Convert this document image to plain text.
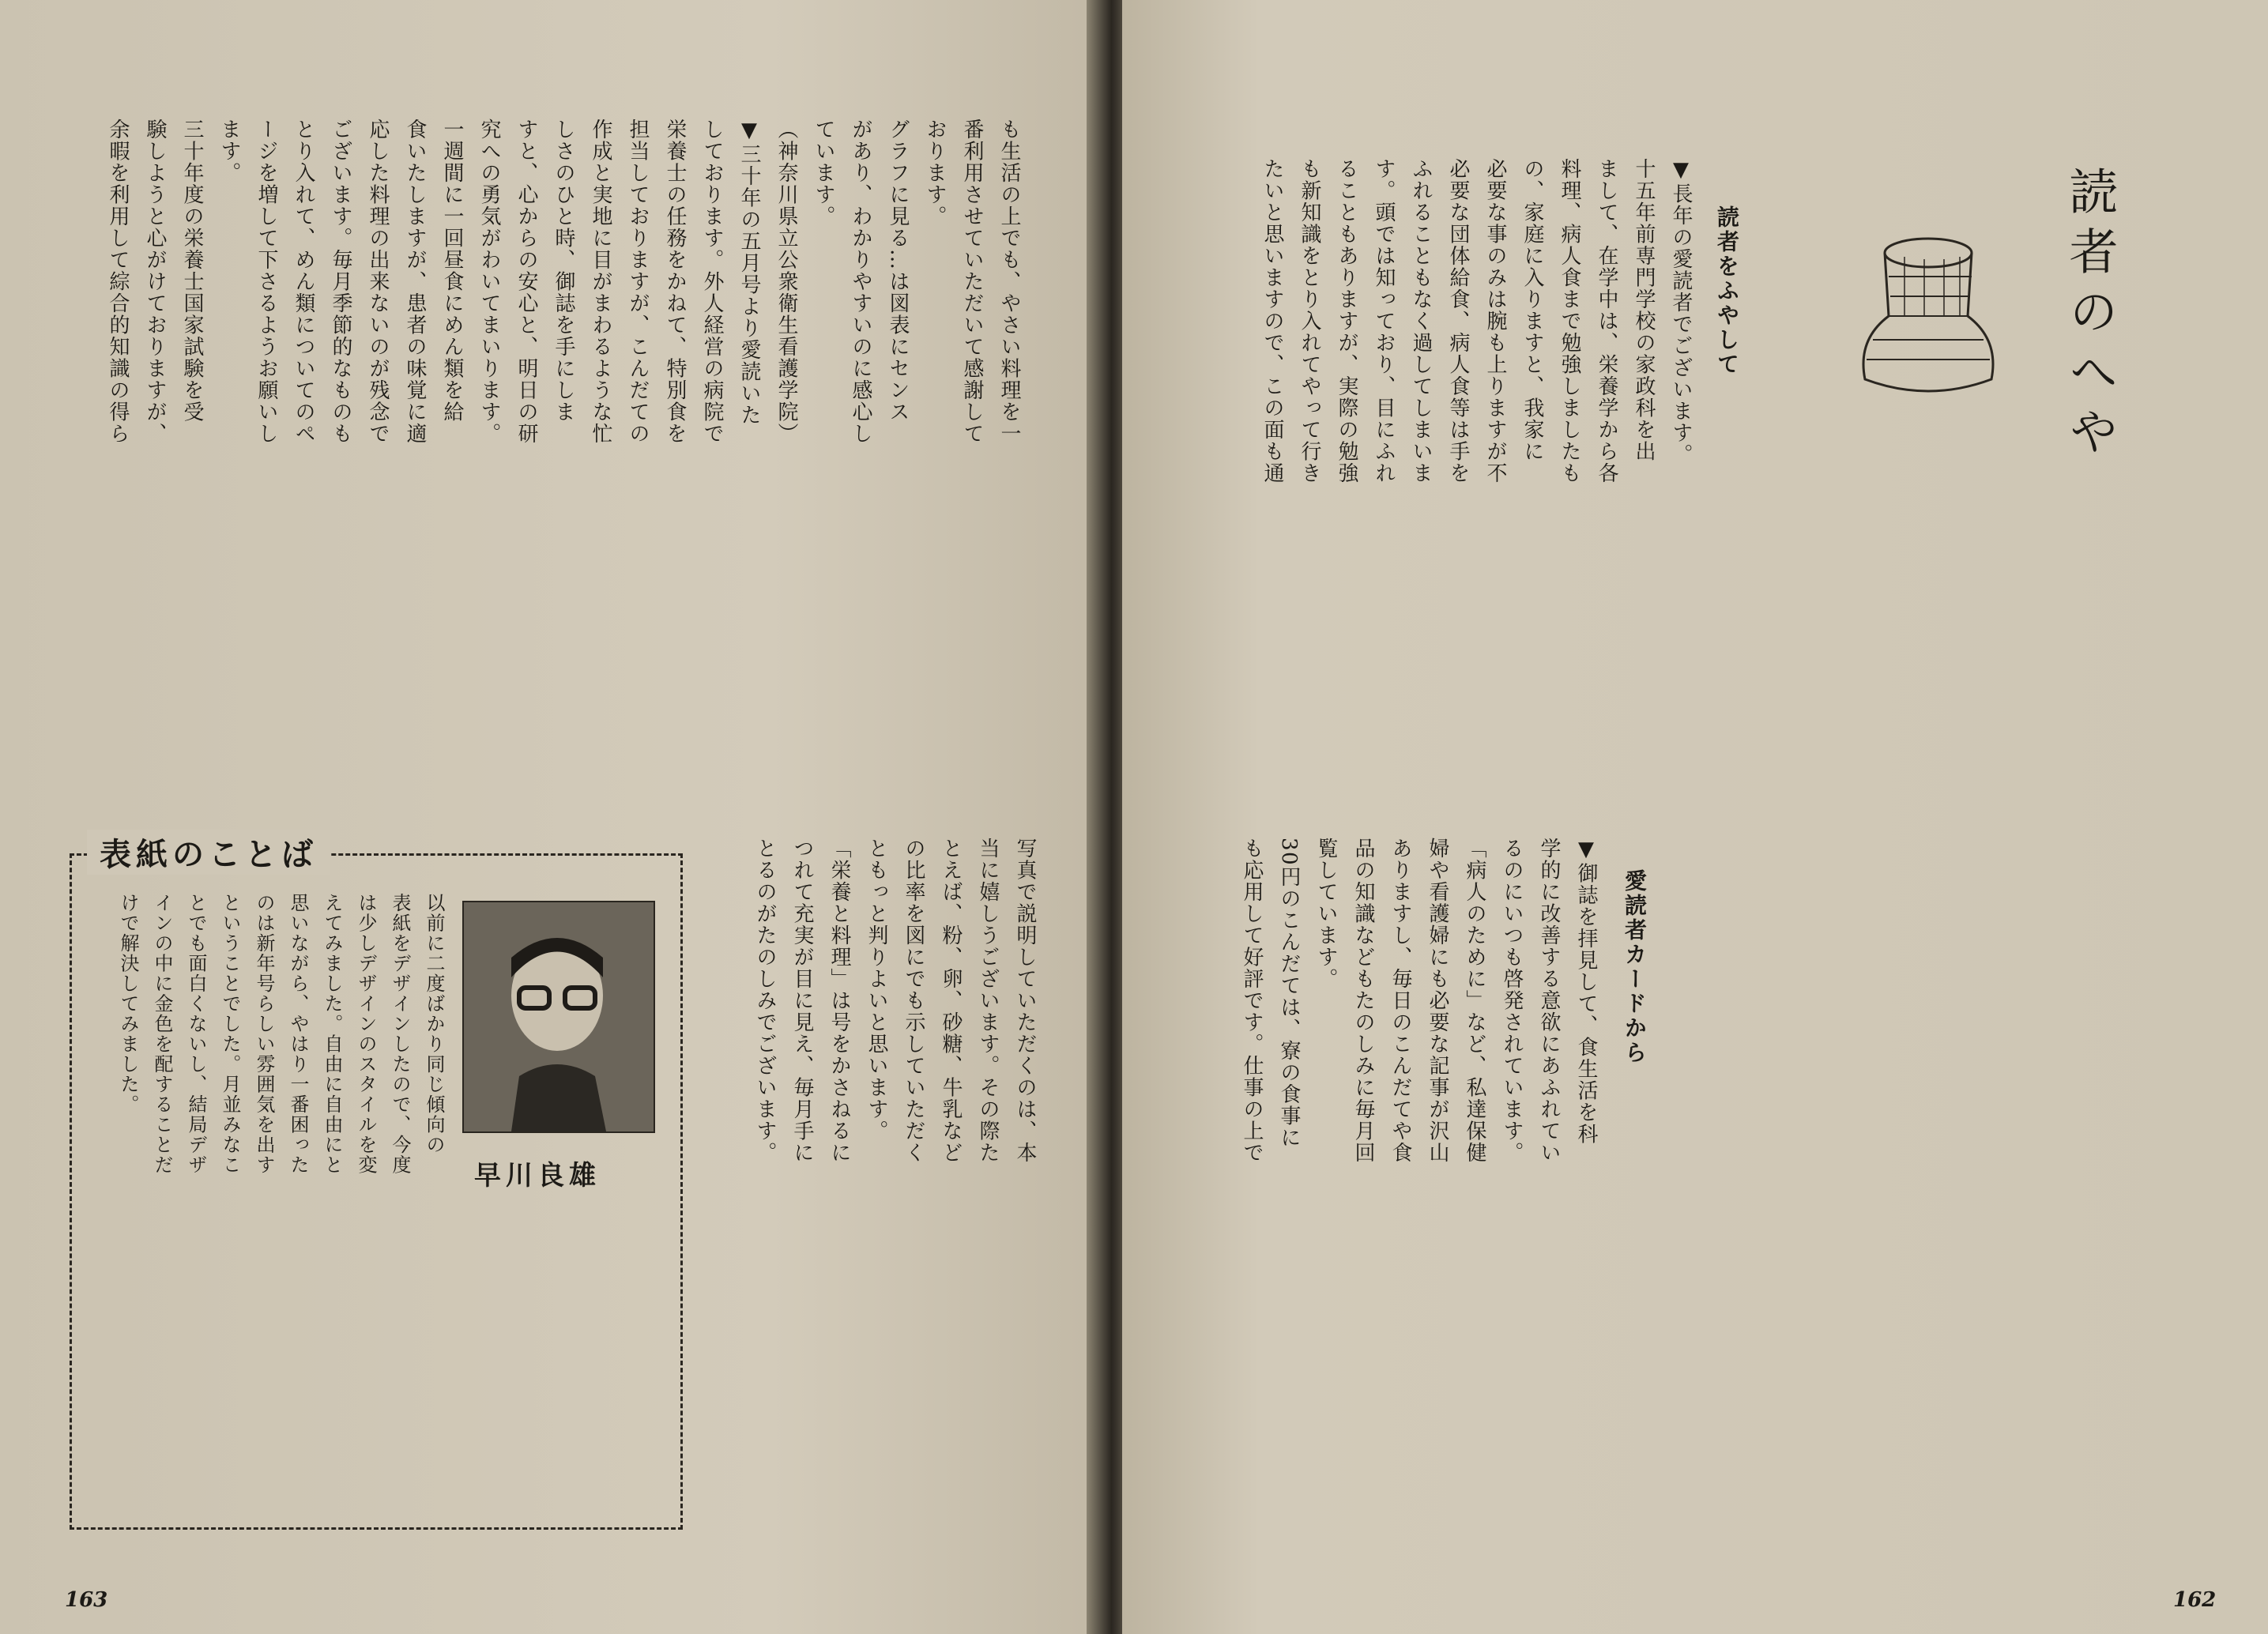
も生活の上でも、やさい料理を一
番利用させていただいて感謝して
おります。
グラフに見る…は図表にセンス
があり、わかりやすいのに感心し
ています。
（神奈川県立公衆衛生看護学院）
▼三十年の五月号より愛読いた
しております。外人経営の病院で
栄養士の任務をかねて、特別食を
担当しておりますが、こんだての
作成と実地に目がまわるような忙
しさのひと時、御誌を手にしま
すと、心からの安心と、明日の研
究への勇気がわいてまいります。
一週間に一回昼食にめん類を給
食いたしますが、患者の味覚に適
応した料理の出来ないのが残念で
ございます。毎月季節的なものも
とり入れて、めん類についてのペ
ージを増して下さるようお願いし
ます。
三十年度の栄養士国家試験を受
験しようと心がけておりますが、
余暇を利用して綜合的知識の得ら
写真で説明していただくのは、本
当に嬉しうございます。その際た
とえば、粉、卵、砂糖、牛乳など
の比率を図にでも示していただく
ともっと判りよいと思います。
「栄養と料理」は号をかさねるに
つれて充実が目に見え、毎月手に
とるのがたのしみでございます。
表紙のことば
以前に二度ばかり同じ傾向の
表紙をデザインしたので、今度
は少しデザインのスタイルを変
えてみました。自由に自由にと
思いながら、やはり一番困った
のは新年号らしい雰囲気を出す
ということでした。月並みなこ
とでも面白くないし、結局デザ
インの中に金色を配することだ
けで解決してみました。
早川良雄
163
読者のへや
読者をふやして
▼長年の愛読者でございます。
十五年前専門学校の家政科を出
まして、在学中は、栄養学から各
料理、病人食まで勉強しましたも
の、家庭に入りますと、我家に
必要な事のみは腕も上りますが不
必要な団体給食、病人食等は手を
ふれることもなく過してしまいま
す。頭では知っており、目にふれ
ることもありますが、実際の勉強
も新知識をとり入れてやって行き
たいと思いますので、この面も通
愛読者カードから
▼御誌を拝見して、食生活を科
学的に改善する意欲にあふれてい
るのにいつも啓発されています。
「病人のために」など、私達保健
婦や看護婦にも必要な記事が沢山
ありますし、毎日のこんだてや食
品の知識などもたのしみに毎月回
覧しています。
30円のこんだては、寮の食事に
も応用して好評です。仕事の上で
162
